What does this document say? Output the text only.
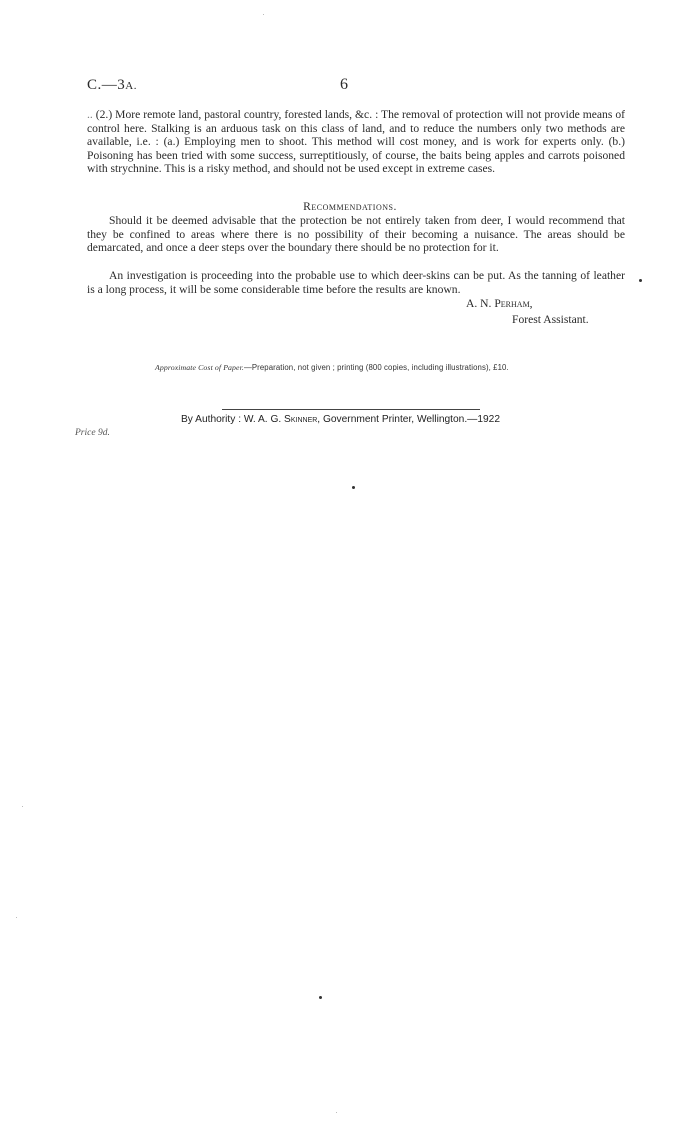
C.—3A.	6
.. (2.) More remote land, pastoral country, forested lands, &c. : The removal of protection will not provide means of control here. Stalking is an arduous task on this class of land, and to reduce the numbers only two methods are available, i.e. : (a.) Employing men to shoot. This method will cost money, and is work for experts only. (b.) Poisoning has been tried with some success, surreptitiously, of course, the baits being apples and carrots poisoned with strychnine. This is a risky method, and should not be used except in extreme cases.
Recommendations.
Should it be deemed advisable that the protection be not entirely taken from deer, I would recommend that they be confined to areas where there is no possibility of their becoming a nuisance. The areas should be demarcated, and once a deer steps over the boundary there should be no protection for it.
An investigation is proceeding into the probable use to which deer-skins can be put. As the tanning of leather is a long process, it will be some considerable time before the results are known.
A. N. Perham,
Forest Assistant.
Approximate Cost of Paper.—Preparation, not given ; printing (800 copies, including illustrations), £10.
By Authority : W. A. G. Skinner, Government Printer, Wellington.—1922
Price 9d.
